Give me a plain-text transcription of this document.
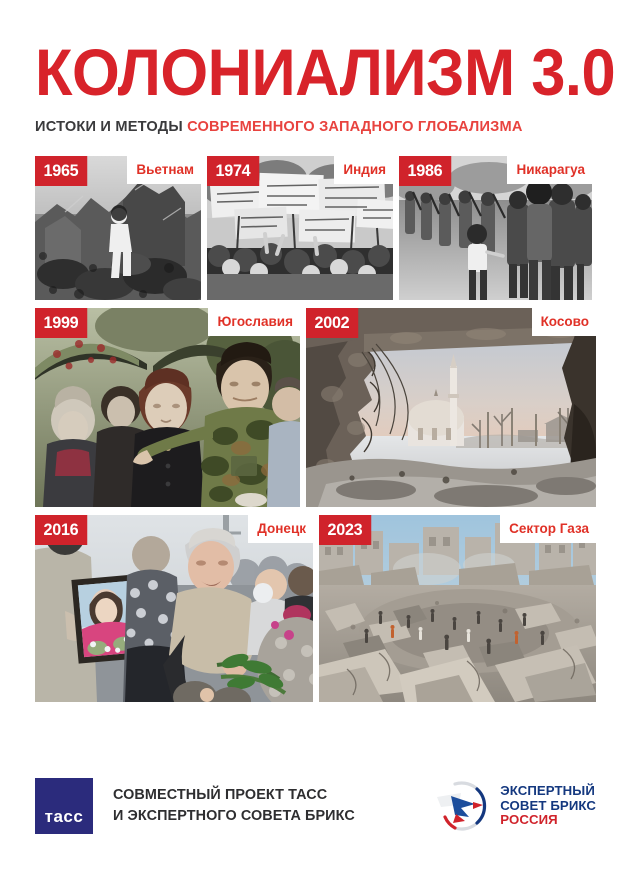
КОЛОНИАЛИЗМ 3.0
ИСТОКИ И МЕТОДЫ СОВРЕМЕННОГО ЗАПАДНОГО ГЛОБАЛИЗМА
1965	Вьетнам	1974	Индия	1986	Никарагуа
1999	Югославия	2002	Косово
2016	Донецк	2023	Сектор Газа
тасс
СОВМЕСТНЫЙ ПРОЕКТ ТАСС
И ЭКСПЕРТНОГО СОВЕТА БРИКС
ЭКСПЕРТНЫЙ
СОВЕТ БРИКС
РОССИЯ
